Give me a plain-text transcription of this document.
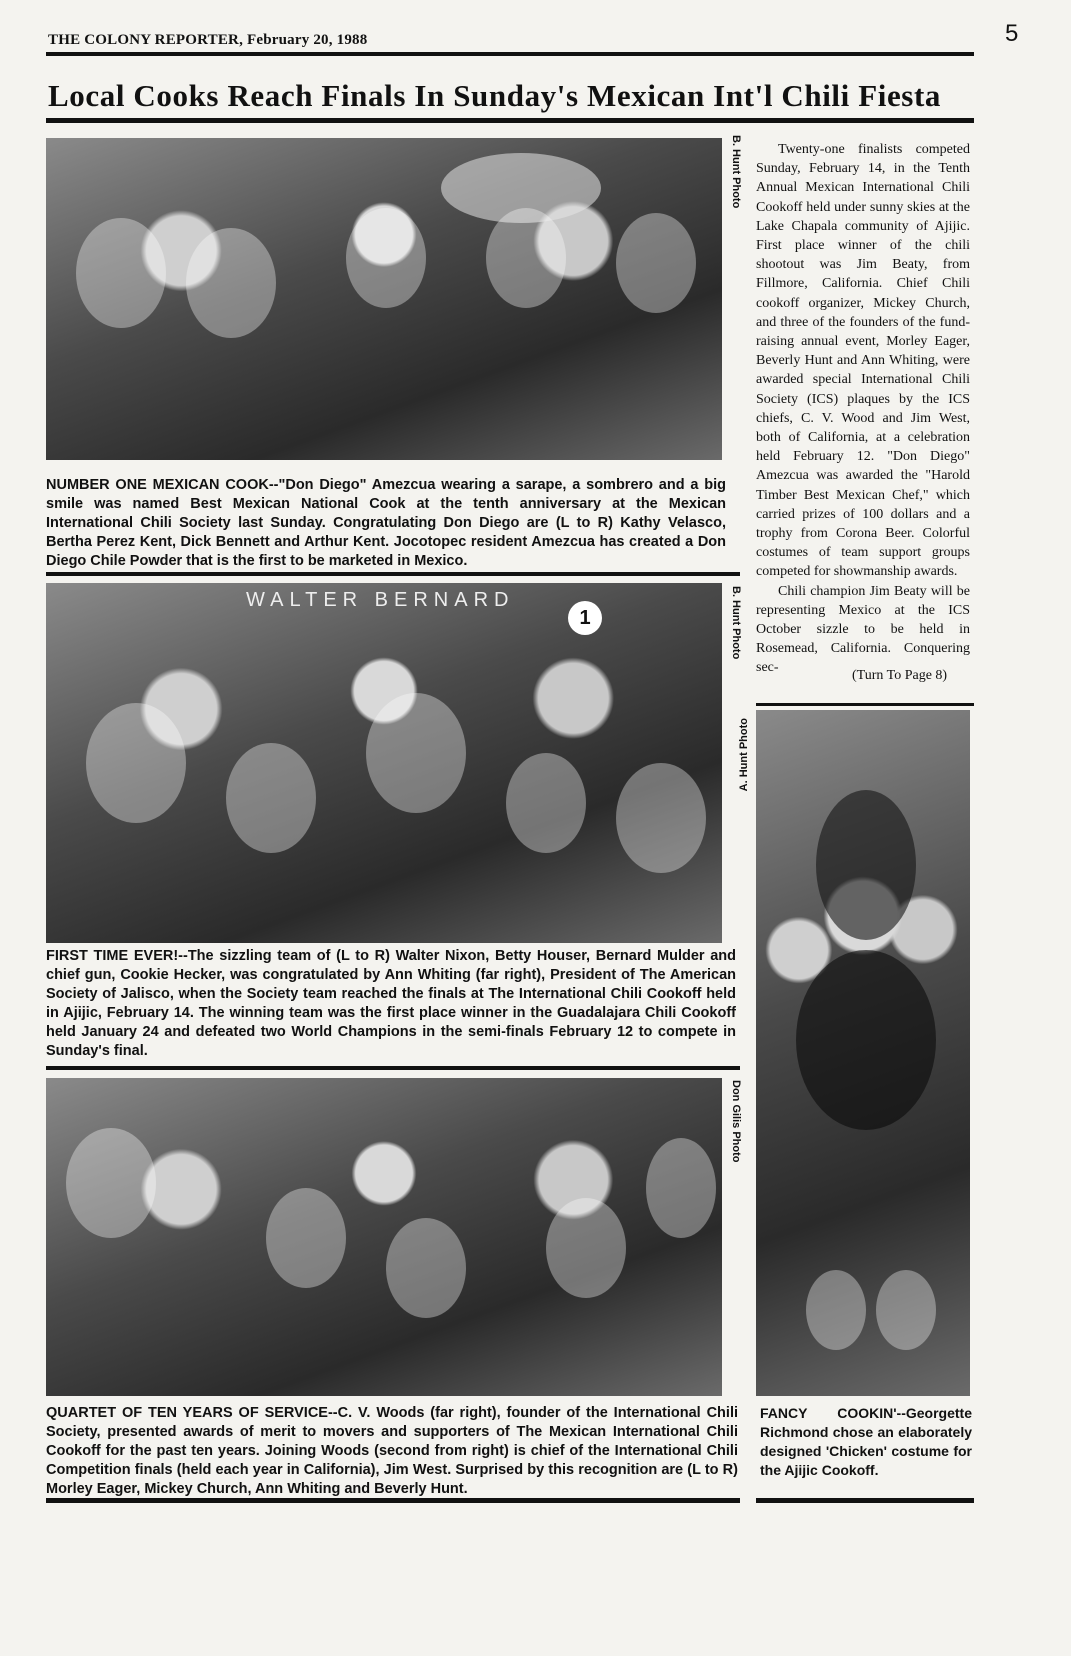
THE COLONY REPORTER, February 20, 1988	5
Local Cooks Reach Finals In Sunday's Mexican Int'l Chili Fiesta
B. Hunt Photo
NUMBER ONE MEXICAN COOK--"Don Diego" Amezcua wearing a sarape, a sombrero and a big smile was named Best Mexican National Cook at the tenth anniversary at the Mexican International Chili Society last Sunday. Congratulating Don Diego are (L to R) Kathy Velasco, Bertha Perez Kent, Dick Bennett and Arthur Kent. Jocotopec resident Amezcua has created a Don Diego Chile Powder that is the first to be marketed in Mexico.
WALTER BERNARD
1	B. Hunt Photo
FIRST TIME EVER!--The sizzling team of (L to R) Walter Nixon, Betty Houser, Bernard Mulder and chief gun, Cookie Hecker, was congratulated by Ann Whiting (far right), President of The American Society of Jalisco, when the Society team reached the finals at The International Chili Cookoff held in Ajijic, February 14. The winning team was the first place winner in the Guadalajara Chili Cookoff held January 24 and defeated two World Champions in the semi-finals February 12 to compete in Sunday's final.
Don Gilis Photo
QUARTET OF TEN YEARS OF SERVICE--C. V. Woods (far right), founder of the International Chili Society, presented awards of merit to movers and supporters of The Mexican International Chili Cookoff for the past ten years. Joining Woods (second from right) is chief of the International Chili Competition finals (held each year in California), Jim West. Surprised by this recognition are (L to R) Morley Eager, Mickey Church, Ann Whiting and Beverly Hunt.

Twenty-one finalists competed Sunday, February 14, in the Tenth Annual Mexican International Chili Cookoff held under sunny skies at the Lake Chapala community of Ajijic. First place winner of the chili shootout was Jim Beaty, from Fillmore, California. Chief Chili cookoff organizer, Mickey Church, and three of the founders of the fund-raising annual event, Morley Eager, Beverly Hunt and Ann Whiting, were awarded special International Chili Society (ICS) plaques by the ICS chiefs, C. V. Wood and Jim West, both of California, at a celebration held February 12. "Don Diego" Amezcua was awarded the "Harold Timber Best Mexican Chef," which carried prizes of 100 dollars and a trophy from Corona Beer. Colorful costumes of team support groups competed for showmanship awards.

Chili champion Jim Beaty will be representing Mexico at the ICS October sizzle to be held in Rosemead, California. Conquering sec-

(Turn To Page 8)
A. Hunt Photo
FANCY COOKIN'--Georgette Richmond chose an elaborately designed 'Chicken' costume for the Ajijic Cookoff.
